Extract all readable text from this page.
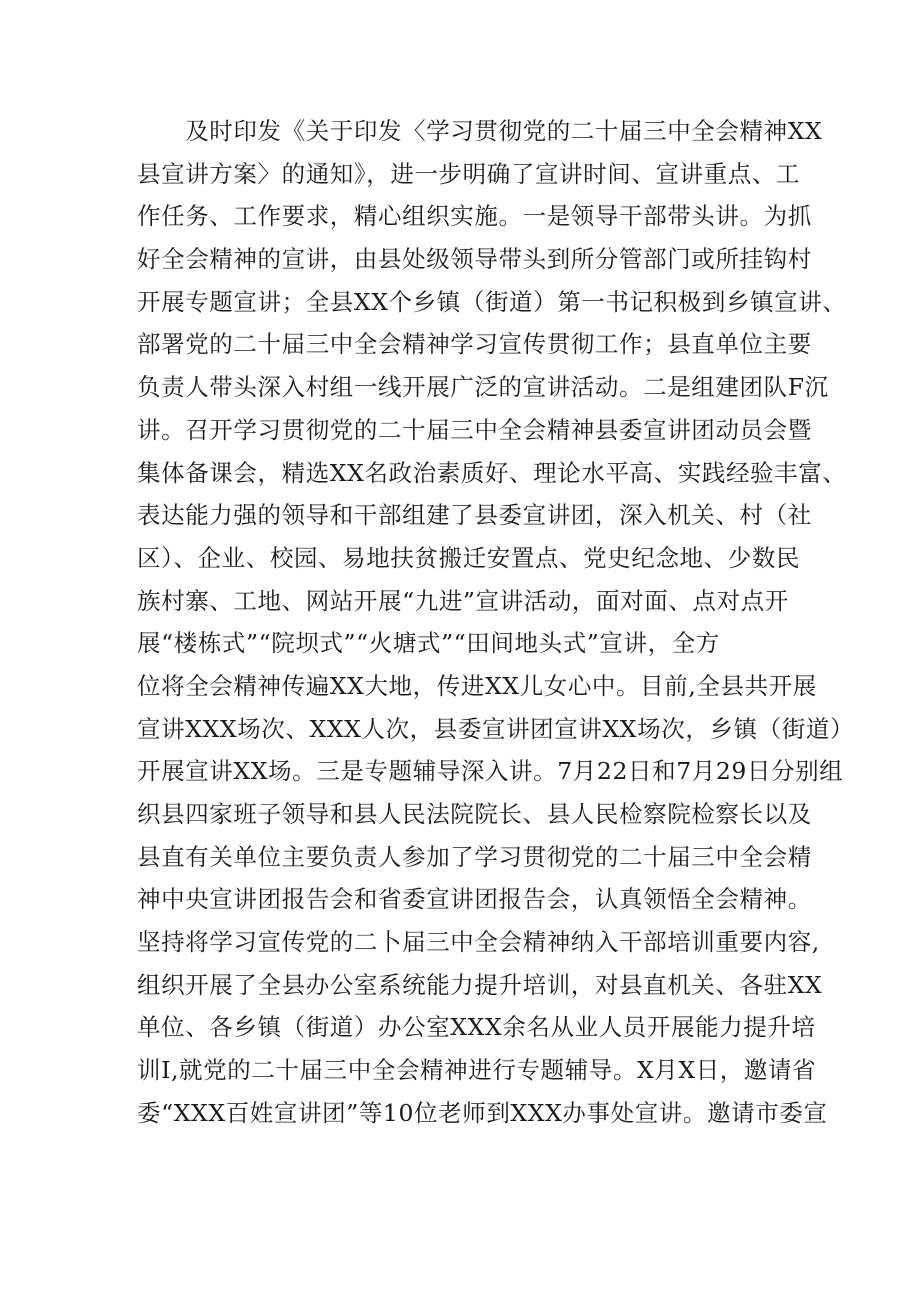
　　及时印发《关于印发〈学习贯彻党的二十届三中全会精神XX
县宣讲方案〉的通知》，进一步明确了宣讲时间、宣讲重点、工
作任务、工作要求，精心组织实施。一是领导干部带头讲。为抓
好全会精神的宣讲，由县处级领导带头到所分管部门或所挂钩村
开展专题宣讲；全县XX个乡镇（街道）第一书记积极到乡镇宣讲、
部署党的二十届三中全会精神学习宣传贯彻工作；县直单位主要
负责人带头深入村组一线开展广泛的宣讲活动。二是组建团队F沉
讲。召开学习贯彻党的二十届三中全会精神县委宣讲团动员会暨
集体备课会，精选XX名政治素质好、理论水平高、实践经验丰富、
表达能力强的领导和干部组建了县委宣讲团，深入机关、村（社
区）、企业、校园、易地扶贫搬迁安置点、党史纪念地、少数民
族村寨、工地、网站开展“九进”宣讲活动，面对面、点对点开
展“楼栋式”“院坝式”“火塘式”“田间地头式”宣讲，全方
位将全会精神传遍XX大地，传进XX儿女心中。目前,全县共开展
宣讲XXX场次、XXX人次，县委宣讲团宣讲XX场次，乡镇（街道）
开展宣讲XX场。三是专题辅导深入讲。7月22日和7月29日分别组
织县四家班子领导和县人民法院院长、县人民检察院检察长以及
县直有关单位主要负责人参加了学习贯彻党的二十届三中全会精
神中央宣讲团报告会和省委宣讲团报告会，认真领悟全会精神。
坚持将学习宣传党的二卜届三中全会精神纳入干部培训重要内容,
组织开展了全县办公室系统能力提升培训，对县直机关、各驻XX
单位、各乡镇（街道）办公室XXX余名从业人员开展能力提升培
训I,就党的二十届三中全会精神进行专题辅导。X月X日，邀请省
委“XXX百姓宣讲团”等10位老师到XXX办事处宣讲。邀请市委宣
